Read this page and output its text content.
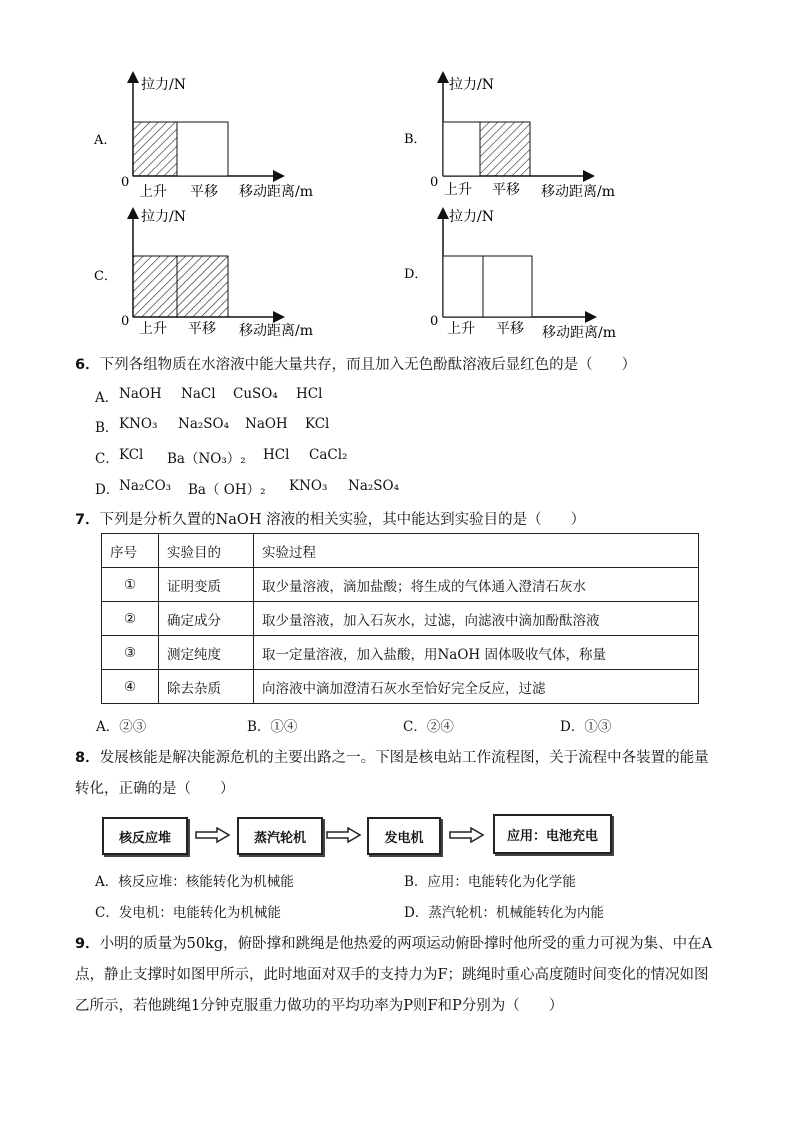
A.
拉力/N
0
上升 平移 移动距离/m
B．
拉力/N
0 上升 平移 移动距离/m
C．
拉力/N
0 上升 平移 移动距离/m
D．
拉力/N
0 上升 平移 移动距离/m
6．下列各组物质在水溶液中能大量共存，而且加入无色酚酞溶液后显红色的是（　　）
A． NaOH NaCl CuSO₄ HCl
B． KNO₃ Na₂SO₄ NaOH KCl
C． KCl Ba（NO₃）₂ HCl CaCl₂
D． Na₂CO₃ Ba（ OH）₂ KNO₃ Na₂SO₄
7．下列是分析久置的NaOH 溶液的相关实验，其中能达到实验目的是（　　）
序号	实验目的	实验过程
①	证明变质	取少量溶液，滴加盐酸；将生成的气体通入澄清石灰水
②	确定成分	取少量溶液，加入石灰水，过滤，向滤液中滴加酚酞溶液
③	测定纯度	取一定量溶液，加入盐酸，用NaOH 固体吸收气体，称量
④	除去杂质	向溶液中滴加澄清石灰水至恰好完全反应，过滤
A．②③	B．①④	C．②④	D．①③
8．发展核能是解决能源危机的主要出路之一。下图是核电站工作流程图，关于流程中各装置的能量
转化，正确的是（　　）
核反应堆	蒸汽轮机	发电机	应用：电池充电
A．核反应堆：核能转化为机械能	B．应用：电能转化为化学能
C．发电机：电能转化为机械能	D．蒸汽轮机：机械能转化为内能
9．小明的质量为50kg，俯卧撑和跳绳是他热爱的两项运动俯卧撑时他所受的重力可视为集、中在A
点，静止支撑时如图甲所示，此时地面对双手的支持力为F；跳绳时重心高度随时间变化的情况如图
乙所示，若他跳绳1分钟克服重力做功的平均功率为P则F和P分别为（　　）
